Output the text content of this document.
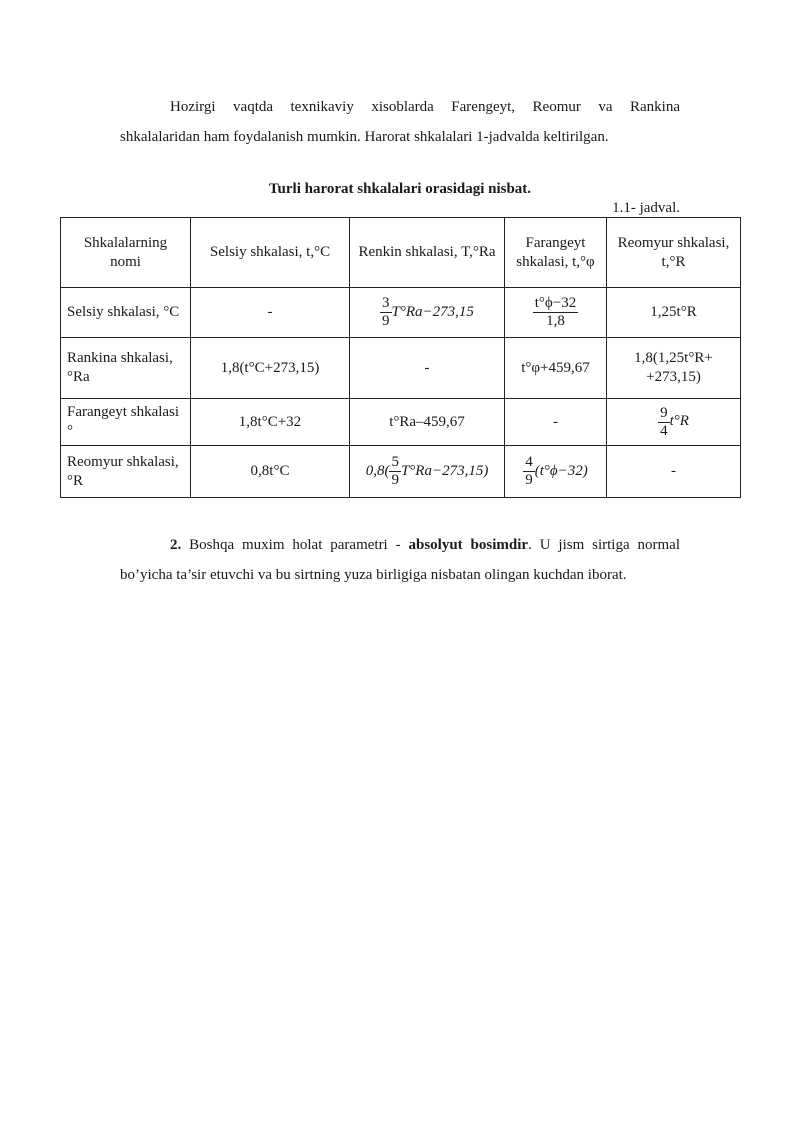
Hozirgi vaqtda texnikaviy xisoblarda Farengeyt, Reomur va Rankina
shkalalaridan ham foydalanish mumkin. Harorat shkalalari 1-jadvalda keltirilgan.

Turli harorat shkalalari orasidagi nisbat.
1.1- jadval.
Shkalalarning nomi	Selsiy shkalasi, t,°C	Renkin shkalasi, T,°Ra	Farangeyt shkalasi, t,°φ	Reomyur shkalasi, t,°R
Selsiy shkalasi, °C	-	$\frac{3}{9} T^\circ Ra-273,15$	$\frac{t^\circ\phi-32}{1,8}$	1,25t°R
Rankina shkalasi, °Ra	1,8(t°C+273,15)	-	t°φ+459,67	1,8(1,25t°R+
+273,15)
Farangeyt shkalasi °	1,8t°C+32	t°Ra–459,67	-	$\frac{9}{4} t^\circ R$
Reomyur shkalasi, °R	0,8t°C	$0,8( \frac{5}{9} T^\circ Ra-273,15)$	$\frac{4}{9} (t^\circ\phi-32)$	-

2. Boshqa muxim holat parametri - absolyut bosimdir. U jism sirtiga normal
bo’yicha ta’sir etuvchi va bu sirtning yuza birligiga nisbatan olingan kuchdan iborat.
